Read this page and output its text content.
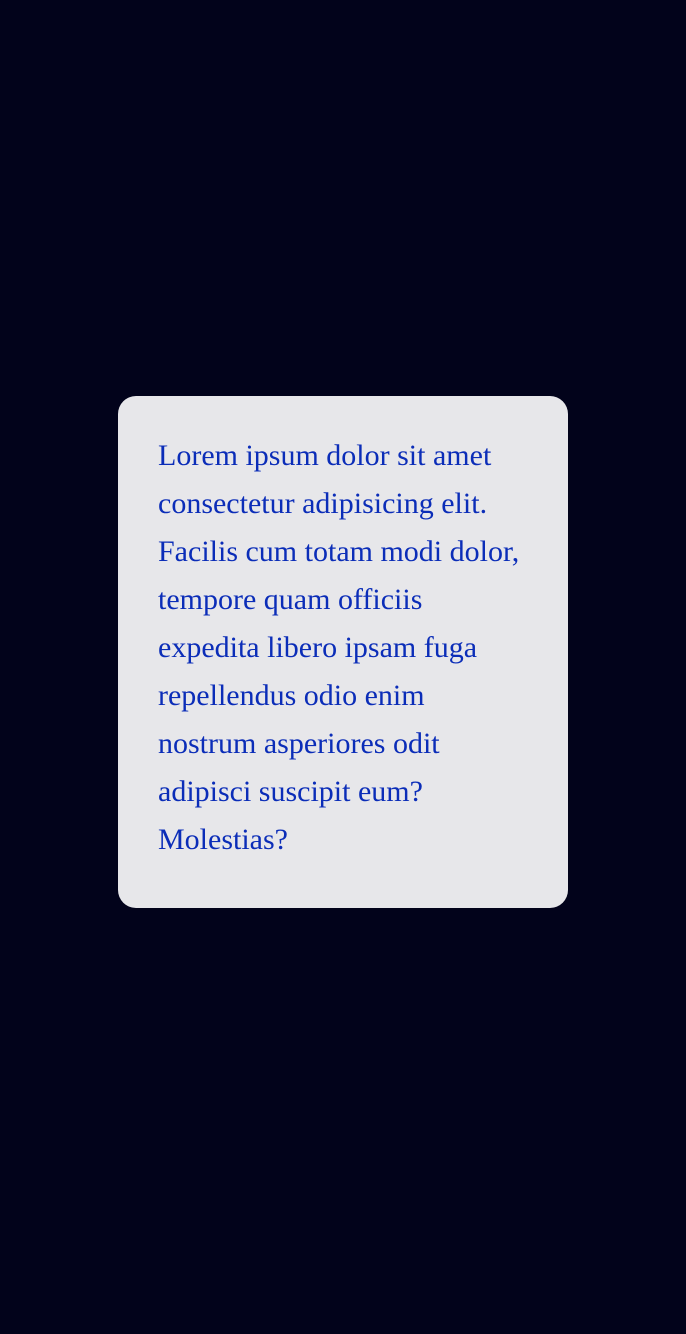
Lorem ipsum dolor sit amet consectetur adipisicing elit. Facilis cum totam modi dolor, tempore quam officiis expedita libero ipsam fuga repellendus odio enim nostrum asperiores odit adipisci suscipit eum? Molestias?
